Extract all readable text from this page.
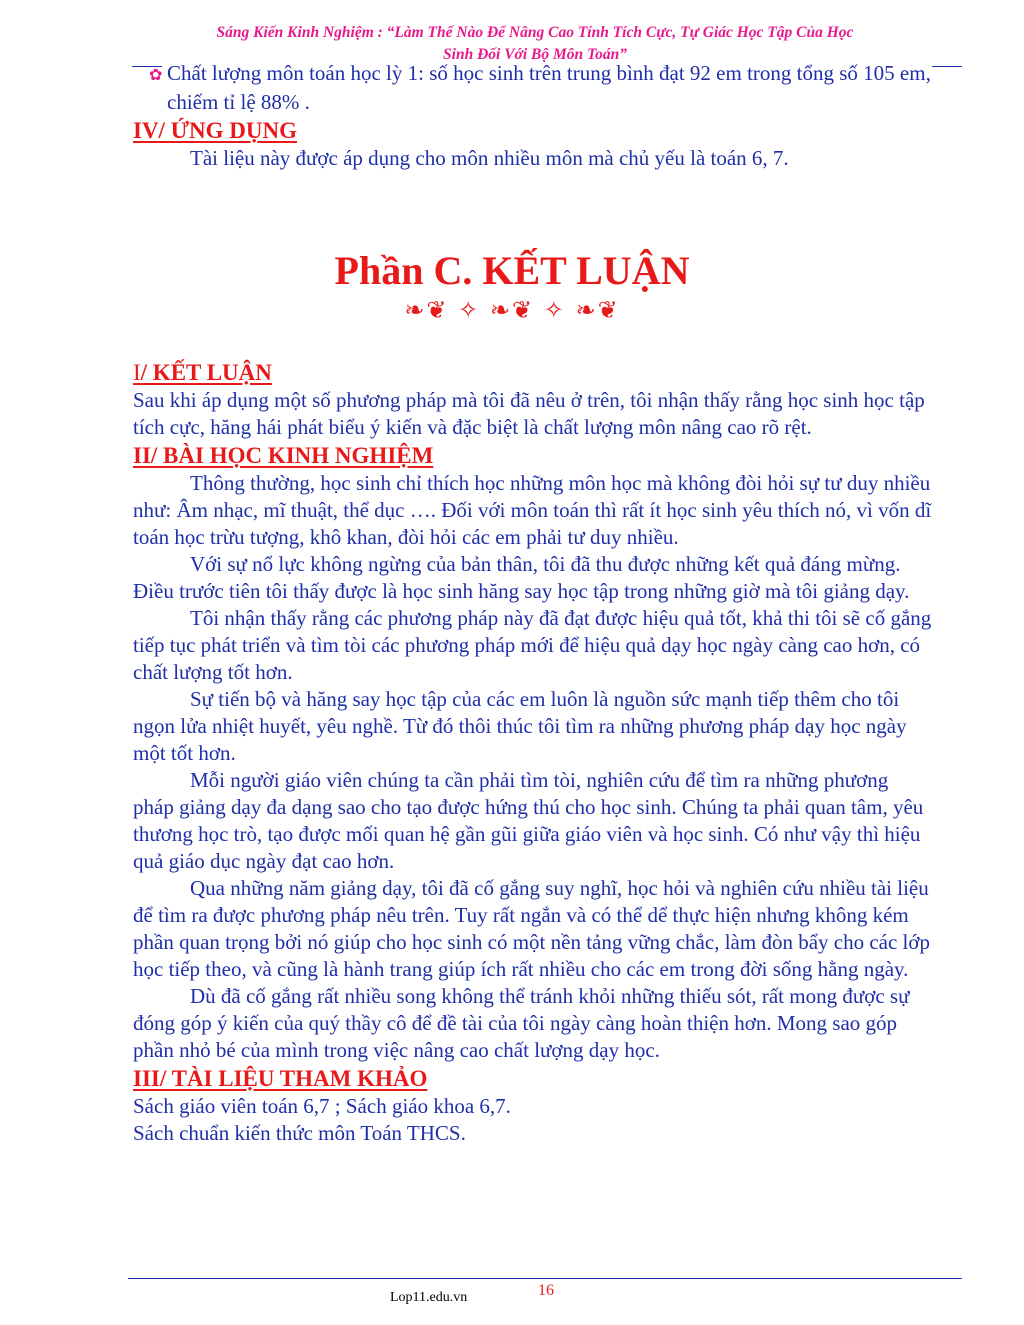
Sáng Kiến Kinh Nghiệm : “Làm Thế Nào Để Nâng Cao Tính Tích Cực, Tự Giác Học Tập Của Học
Sinh Đối Với Bộ Môn Toán”

✿ Chất lượng môn toán học lỳ 1: số học sinh trên trung bình đạt 92 em trong tổng số 105 em, chiếm tỉ lệ 88% .

IV/ ỨNG DỤNG

Tài liệu này được áp dụng cho môn nhiều môn mà chủ yếu là toán 6, 7.

Phần C. KẾT LUẬN
❧❦ ✧ ❧❦ ✧ ❧❦
I/ KẾT LUẬN

Sau khi áp dụng một số phương pháp mà tôi đã nêu ở trên, tôi nhận thấy rằng học sinh học tập tích cực, hăng hái phát biểu ý kiến và đặc biệt là chất lượng môn nâng cao rõ rệt.

II/ BÀI HỌC KINH NGHIỆM

Thông thường, học sinh chỉ thích học những môn học mà không đòi hỏi sự tư duy nhiều như: Âm nhạc, mĩ thuật, thể dục …. Đối với môn toán thì rất ít học sinh yêu thích nó, vì vốn dĩ toán học trừu tượng, khô khan, đòi hỏi các em phải tư duy nhiều.

Với sự nổ lực không ngừng của bản thân, tôi đã thu được những kết quả đáng mừng. Điều trước tiên tôi thấy được là học sinh hăng say học tập trong những giờ mà tôi giảng dạy.

Tôi nhận thấy rằng các phương pháp này đã đạt được hiệu quả tốt, khả thi tôi sẽ cố gắng tiếp tục phát triển và tìm tòi các phương pháp mới để hiệu quả dạy học ngày càng cao hơn, có chất lượng tốt hơn.

Sự tiến bộ và hăng say học tập của các em luôn là nguồn sức mạnh tiếp thêm cho tôi ngọn lửa nhiệt huyết, yêu nghề. Từ đó thôi thúc tôi tìm ra những phương pháp dạy học ngày một tốt hơn.

Mỗi người giáo viên chúng ta cần phải tìm tòi, nghiên cứu để tìm ra những phương pháp giảng dạy đa dạng sao cho tạo được hứng thú cho học sinh. Chúng ta phải quan tâm, yêu thương học trò, tạo được mối quan hệ gần gũi giữa giáo viên và học sinh. Có như vậy thì hiệu quả giáo dục ngày đạt cao hơn.

Qua những năm giảng dạy, tôi đã cố gắng suy nghĩ, học hỏi và nghiên cứu nhiều tài liệu để tìm ra được phương pháp nêu trên. Tuy rất ngắn và có thể dể thực hiện nhưng không kém phần quan trọng bởi nó giúp cho học sinh có một nền tảng vững chắc, làm đòn bẩy cho các lớp học tiếp theo, và cũng là hành trang giúp ích rất nhiều cho các em trong đời sống hằng ngày.

Dù đã cố gắng rất nhiều song không thể tránh khỏi những thiếu sót, rất mong được sự đóng góp ý kiến của quý thầy cô để đề tài của tôi ngày càng hoàn thiện hơn. Mong sao góp phần nhỏ bé của mình trong việc nâng cao chất lượng dạy học.

III/ TÀI LIỆU THAM KHẢO

Sách giáo viên toán 6,7 ; Sách giáo khoa 6,7.

Sách chuẩn kiến thức môn Toán THCS.

Lop11.edu.vn	16
